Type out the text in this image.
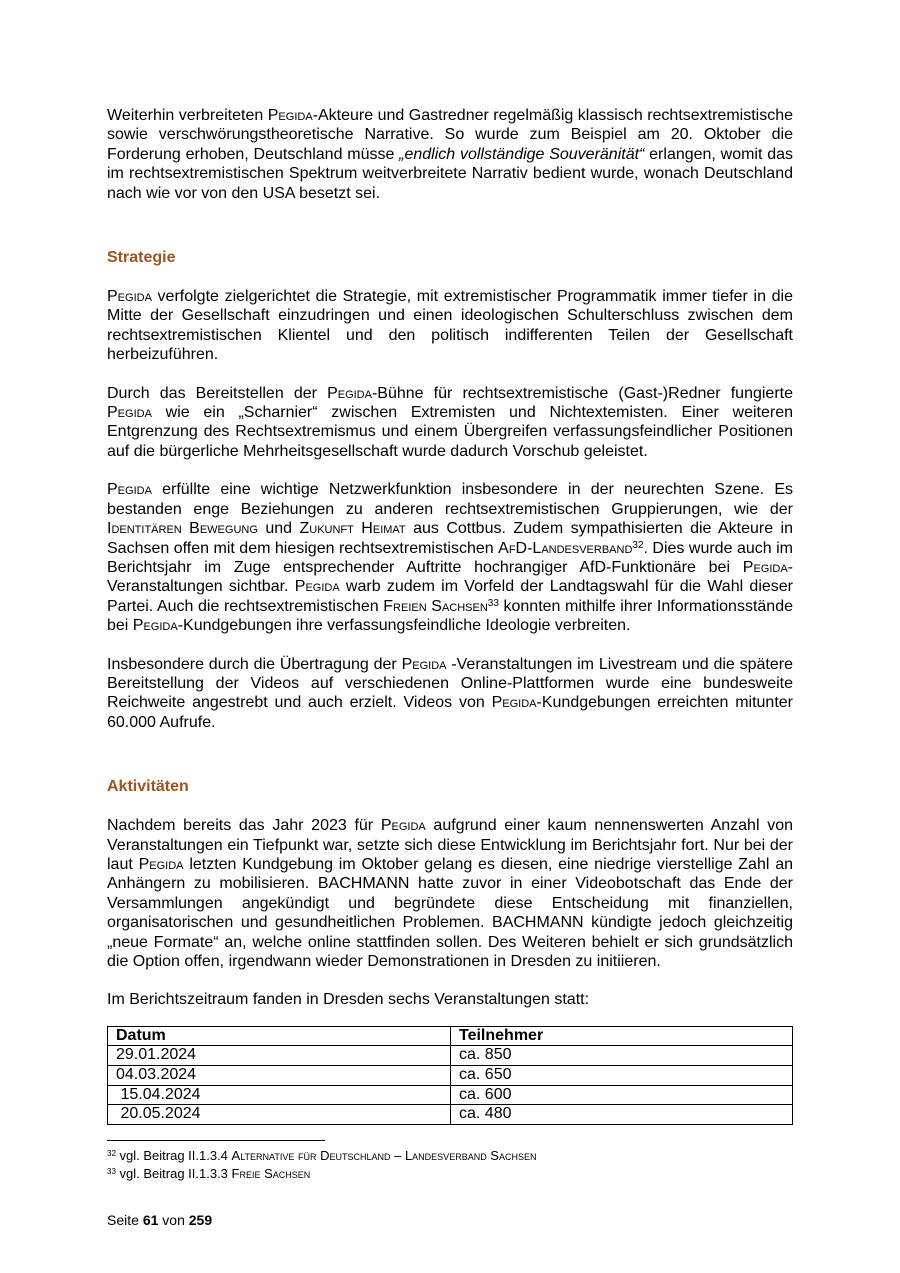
Weiterhin verbreiteten Pegida-Akteure und Gastredner regelmäßig klassisch rechtsextremistische sowie verschwörungstheoretische Narrative. So wurde zum Beispiel am 20. Oktober die Forderung erhoben, Deutschland müsse „endlich vollständige Souveränität“ erlangen, womit das im rechtsextremistischen Spektrum weitverbreitete Narrativ bedient wurde, wonach Deutschland nach wie vor von den USA besetzt sei.

Strategie

Pegida verfolgte zielgerichtet die Strategie, mit extremistischer Programmatik immer tiefer in die Mitte der Gesellschaft einzudringen und einen ideologischen Schulterschluss zwischen dem rechtsextremistischen Klientel und den politisch indifferenten Teilen der Gesellschaft herbeizuführen.

Durch das Bereitstellen der Pegida-Bühne für rechtsextremistische (Gast-)Redner fungierte Pegida wie ein „Scharnier“ zwischen Extremisten und Nichtextemisten. Einer weiteren Entgrenzung des Rechtsextremismus und einem Übergreifen verfassungsfeindlicher Positionen auf die bürgerliche Mehrheitsgesellschaft wurde dadurch Vorschub geleistet.

Pegida erfüllte eine wichtige Netzwerkfunktion insbesondere in der neurechten Szene. Es bestanden enge Beziehungen zu anderen rechtsextremistischen Gruppierungen, wie der Identitären Bewegung und Zukunft Heimat aus Cottbus. Zudem sympathisierten die Akteure in Sachsen offen mit dem hiesigen rechtsextremistischen AfD-Landesverband$^{32}$. Dies wurde auch im Berichtsjahr im Zuge entsprechender Auftritte hochrangiger AfD-Funktionäre bei Pegida-Veranstaltungen sichtbar. Pegida warb zudem im Vorfeld der Landtagswahl für die Wahl dieser Partei. Auch die rechtsextremistischen Freien Sachsen$^{33}$ konnten mithilfe ihrer Informationsstände bei Pegida-Kundgebungen ihre verfassungsfeindliche Ideologie verbreiten.

Insbesondere durch die Übertragung der Pegida -Veranstaltungen im Livestream und die spätere Bereitstellung der Videos auf verschiedenen Online-Plattformen wurde eine bundesweite Reichweite angestrebt und auch erzielt. Videos von Pegida-Kundgebungen erreichten mitunter 60.000 Aufrufe.

Aktivitäten

Nachdem bereits das Jahr 2023 für Pegida aufgrund einer kaum nennenswerten Anzahl von Veranstaltungen ein Tiefpunkt war, setzte sich diese Entwicklung im Berichtsjahr fort. Nur bei der laut Pegida letzten Kundgebung im Oktober gelang es diesen, eine niedrige vierstellige Zahl an Anhängern zu mobilisieren. BACHMANN hatte zuvor in einer Videobotschaft das Ende der Versammlungen angekündigt und begründete diese Entscheidung mit finanziellen, organisatorischen und gesundheitlichen Problemen. BACHMANN kündigte jedoch gleichzeitig „neue Formate“ an, welche online stattfinden sollen. Des Weiteren behielt er sich grundsätzlich die Option offen, irgendwann wieder Demonstrationen in Dresden zu initiieren.

Im Berichtszeitraum fanden in Dresden sechs Veranstaltungen statt:

Datum	Teilnehmer
29.01.2024	ca. 850
04.03.2024	ca. 650
15.04.2024	ca. 600
20.05.2024	ca. 480
$^{32}$ vgl. Beitrag II.1.3.4 Alternative für Deutschland – Landesverband Sachsen
$^{33}$ vgl. Beitrag II.1.3.3 Freie Sachsen
Seite 61 von 259
